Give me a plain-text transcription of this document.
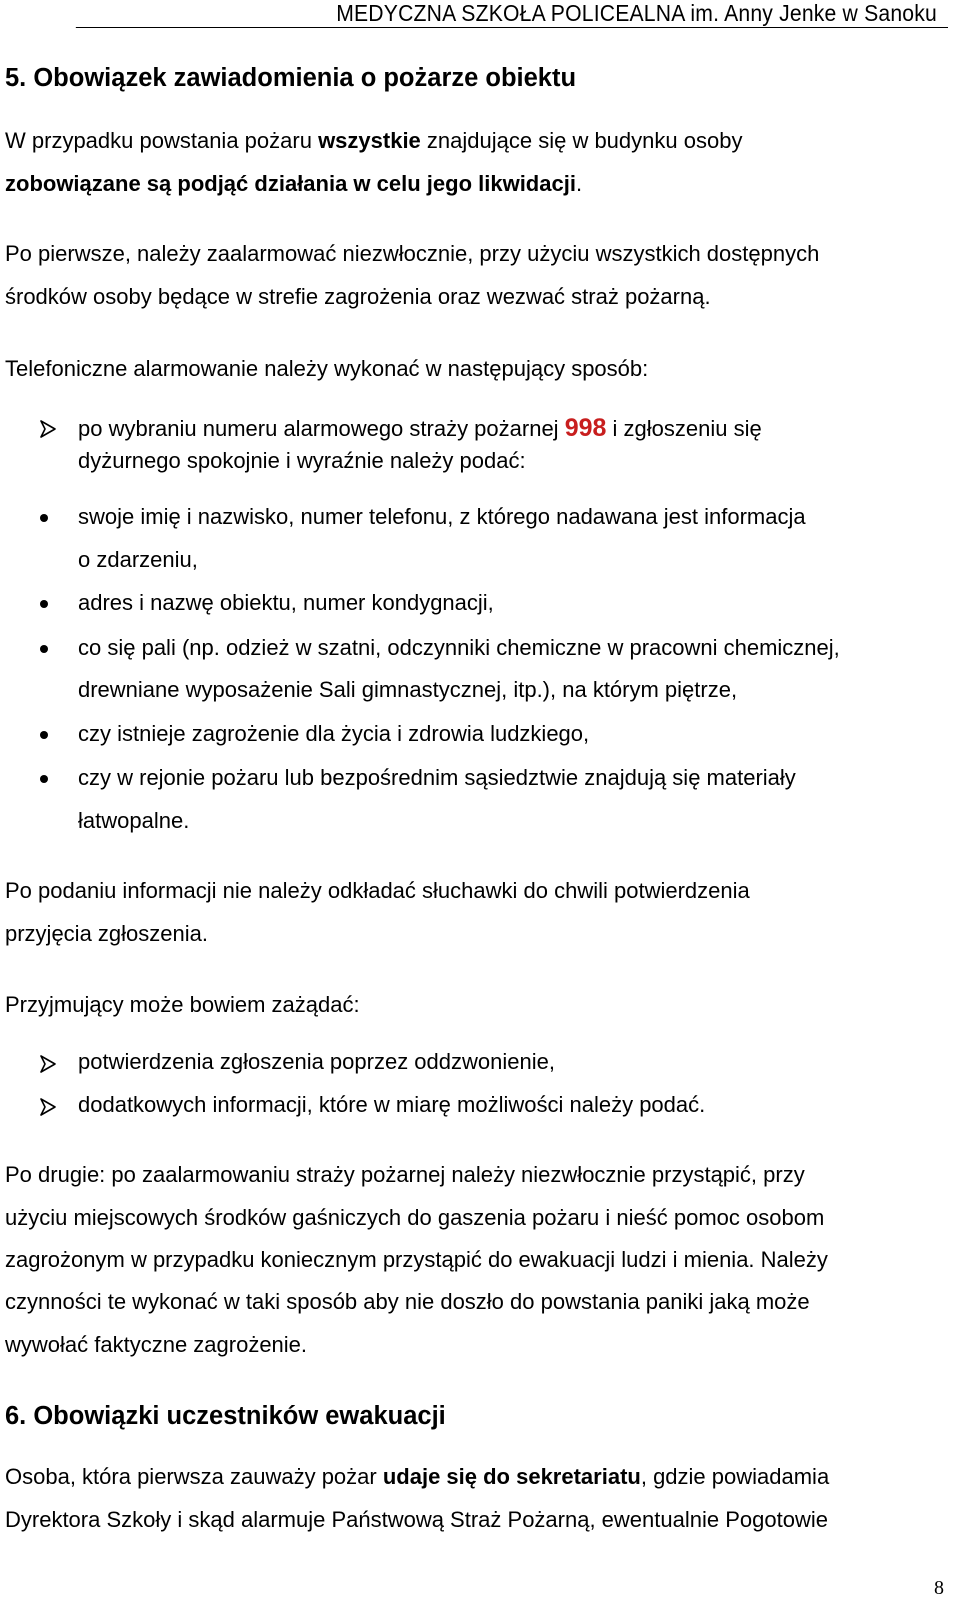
MEDYCZNA SZKOŁA POLICEALNA im. Anny Jenke w Sanoku
5. Obowiązek zawiadomienia o pożarze obiektu
W przypadku powstania pożaru wszystkie znajdujące się w budynku osoby
zobowiązane są podjąć działania w celu jego likwidacji.
Po pierwsze, należy zaalarmować niezwłocznie, przy użyciu wszystkich dostępnych
środków osoby będące w strefie zagrożenia oraz wezwać straż pożarną.
Telefoniczne alarmowanie należy wykonać w następujący sposób:
po wybraniu numeru alarmowego straży pożarnej 998 i zgłoszeniu się
dyżurnego spokojnie i wyraźnie należy podać:
swoje imię i nazwisko, numer telefonu, z którego nadawana jest informacja
o zdarzeniu,
adres i nazwę obiektu, numer kondygnacji,
co się pali (np. odzież w szatni, odczynniki chemiczne w pracowni chemicznej,
drewniane wyposażenie Sali gimnastycznej, itp.), na którym piętrze,
czy istnieje zagrożenie dla życia i zdrowia ludzkiego,
czy w rejonie pożaru lub bezpośrednim sąsiedztwie znajdują się materiały
łatwopalne.
Po podaniu informacji nie należy odkładać słuchawki do chwili potwierdzenia
przyjęcia zgłoszenia.
Przyjmujący może bowiem zażądać:
potwierdzenia zgłoszenia poprzez oddzwonienie,
dodatkowych informacji, które w miarę możliwości należy podać.
Po drugie: po zaalarmowaniu straży pożarnej należy niezwłocznie przystąpić, przy
użyciu miejscowych środków gaśniczych do gaszenia pożaru i nieść pomoc osobom
zagrożonym w przypadku koniecznym przystąpić do ewakuacji ludzi i mienia. Należy
czynności te wykonać w taki sposób aby nie doszło do powstania paniki jaką może
wywołać faktyczne zagrożenie.
6. Obowiązki uczestników ewakuacji
Osoba, która pierwsza zauważy pożar udaje się do sekretariatu, gdzie powiadamia
Dyrektora Szkoły i skąd alarmuje Państwową Straż Pożarną, ewentualnie Pogotowie
8
